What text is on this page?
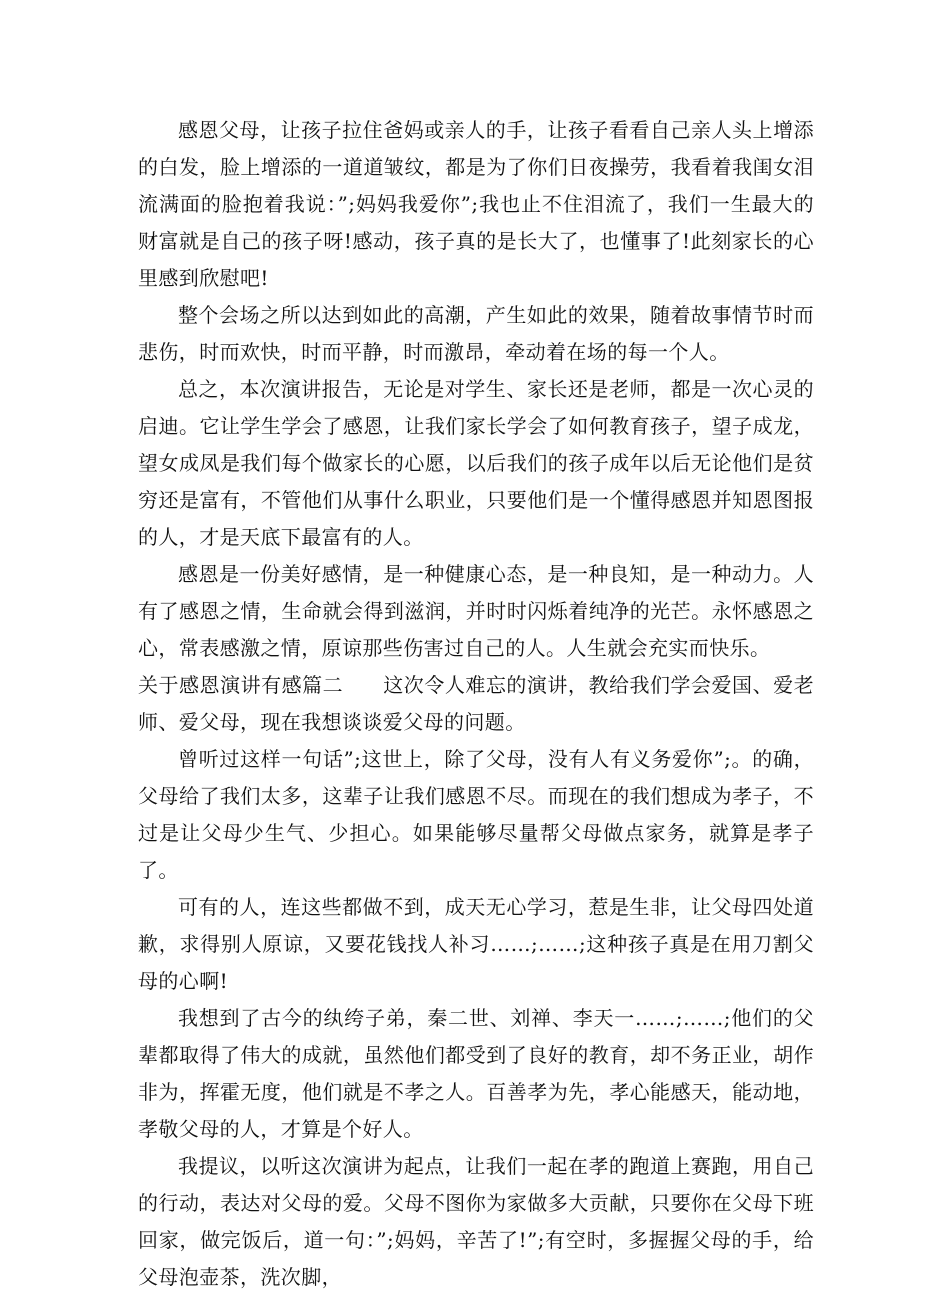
感恩父母，让孩子拉住爸妈或亲人的手，让孩子看看自己亲人头上增添的白发，脸上增添的一道道皱纹，都是为了你们日夜操劳，我看着我闺女泪流满面的脸抱着我说：”;妈妈我爱你”;我也止不住泪流了，我们一生最大的财富就是自己的孩子呀!感动，孩子真的是长大了，也懂事了!此刻家长的心里感到欣慰吧!

整个会场之所以达到如此的高潮，产生如此的效果，随着故事情节时而悲伤，时而欢快，时而平静，时而激昂，牵动着在场的每一个人。

总之，本次演讲报告，无论是对学生、家长还是老师，都是一次心灵的启迪。它让学生学会了感恩，让我们家长学会了如何教育孩子，望子成龙，望女成凤是我们每个做家长的心愿，以后我们的孩子成年以后无论他们是贫穷还是富有，不管他们从事什么职业，只要他们是一个懂得感恩并知恩图报的人，才是天底下最富有的人。

感恩是一份美好感情，是一种健康心态，是一种良知，是一种动力。人有了感恩之情，生命就会得到滋润，并时时闪烁着纯净的光芒。永怀感恩之心，常表感激之情，原谅那些伤害过自己的人。人生就会充实而快乐。

关于感恩演讲有感篇二 这次令人难忘的演讲，教给我们学会爱国、爱老师、爱父母，现在我想谈谈爱父母的问题。

曾听过这样一句话”;这世上，除了父母，没有人有义务爱你”;。的确，父母给了我们太多，这辈子让我们感恩不尽。而现在的我们想成为孝子，不过是让父母少生气、少担心。如果能够尽量帮父母做点家务，就算是孝子了。

可有的人，连这些都做不到，成天无心学习，惹是生非，让父母四处道歉，求得别人原谅，又要花钱找人补习……;……;这种孩子真是在用刀割父母的心啊!

我想到了古今的纨绔子弟，秦二世、刘禅、李天一……;……;他们的父辈都取得了伟大的成就，虽然他们都受到了良好的教育，却不务正业，胡作非为，挥霍无度，他们就是不孝之人。百善孝为先，孝心能感天，能动地，孝敬父母的人，才算是个好人。

我提议，以听这次演讲为起点，让我们一起在孝的跑道上赛跑，用自己的行动，表达对父母的爱。父母不图你为家做多大贡献，只要你在父母下班回家，做完饭后，道一句：”;妈妈，辛苦了!”;有空时，多握握父母的手，给父母泡壶茶，洗次脚，
